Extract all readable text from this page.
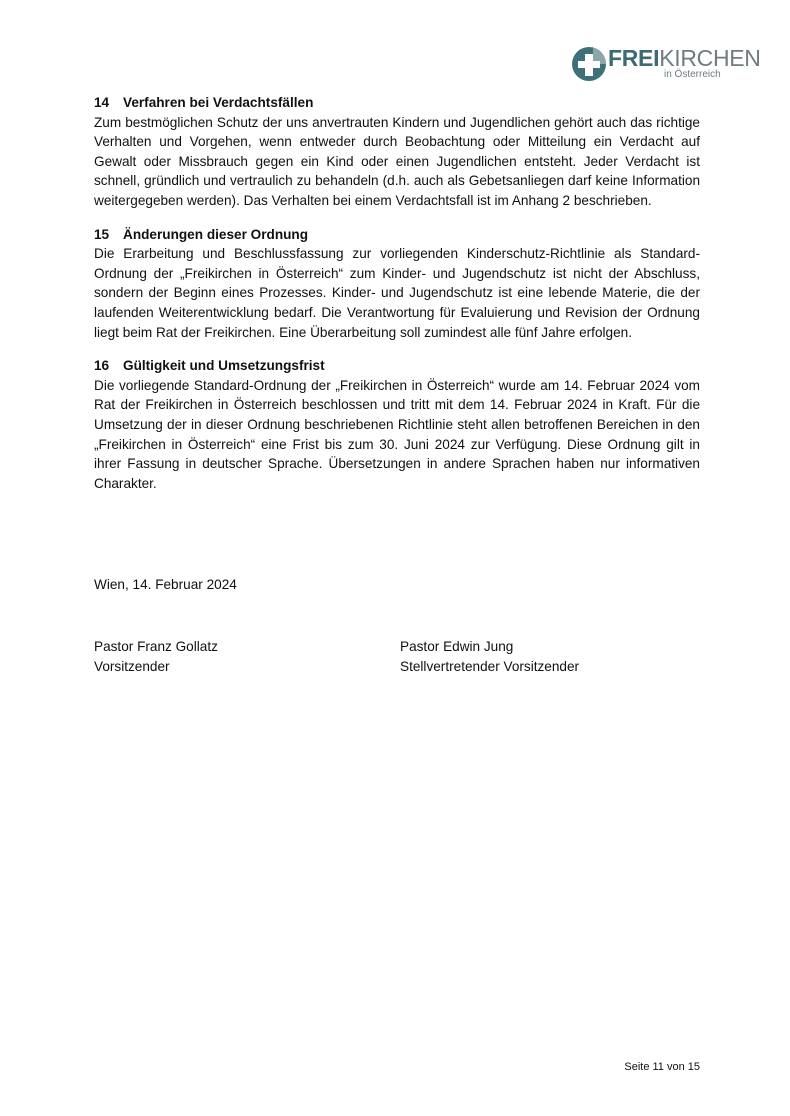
FREIKIRCHEN
in Österreich
14 Verfahren bei Verdachtsfällen

Zum bestmöglichen Schutz der uns anvertrauten Kindern und Jugendlichen gehört auch das richtige Verhalten und Vorgehen, wenn entweder durch Beobachtung oder Mitteilung ein Verdacht auf Gewalt oder Missbrauch gegen ein Kind oder einen Jugendlichen entsteht. Jeder Verdacht ist schnell, gründlich und vertraulich zu behandeln (d.h. auch als Gebetsanliegen darf keine Information weitergegeben werden). Das Verhalten bei einem Verdachtsfall ist im Anhang 2 beschrieben.

15 Änderungen dieser Ordnung

Die Erarbeitung und Beschlussfassung zur vorliegenden Kinderschutz-Richtlinie als Standard-Ordnung der „Freikirchen in Österreich“ zum Kinder- und Jugendschutz ist nicht der Abschluss, sondern der Beginn eines Prozesses. Kinder- und Jugendschutz ist eine lebende Materie, die der laufenden Weiterentwicklung bedarf. Die Verantwortung für Evaluierung und Revision der Ordnung liegt beim Rat der Freikirchen. Eine Überarbeitung soll zumindest alle fünf Jahre erfolgen.

16 Gültigkeit und Umsetzungsfrist

Die vorliegende Standard-Ordnung der „Freikirchen in Österreich“ wurde am 14. Februar 2024 vom Rat der Freikirchen in Österreich beschlossen und tritt mit dem 14. Februar 2024 in Kraft. Für die Umsetzung der in dieser Ordnung beschriebenen Richtlinie steht allen betroffenen Bereichen in den „Freikirchen in Österreich“ eine Frist bis zum 30. Juni 2024 zur Verfügung. Diese Ordnung gilt in ihrer Fassung in deutscher Sprache. Übersetzungen in andere Sprachen haben nur informativen Charakter.

Wien, 14. Februar 2024
Pastor Franz Gollatz
Vorsitzender
Pastor Edwin Jung
Stellvertretender Vorsitzender
Seite 11 von 15
